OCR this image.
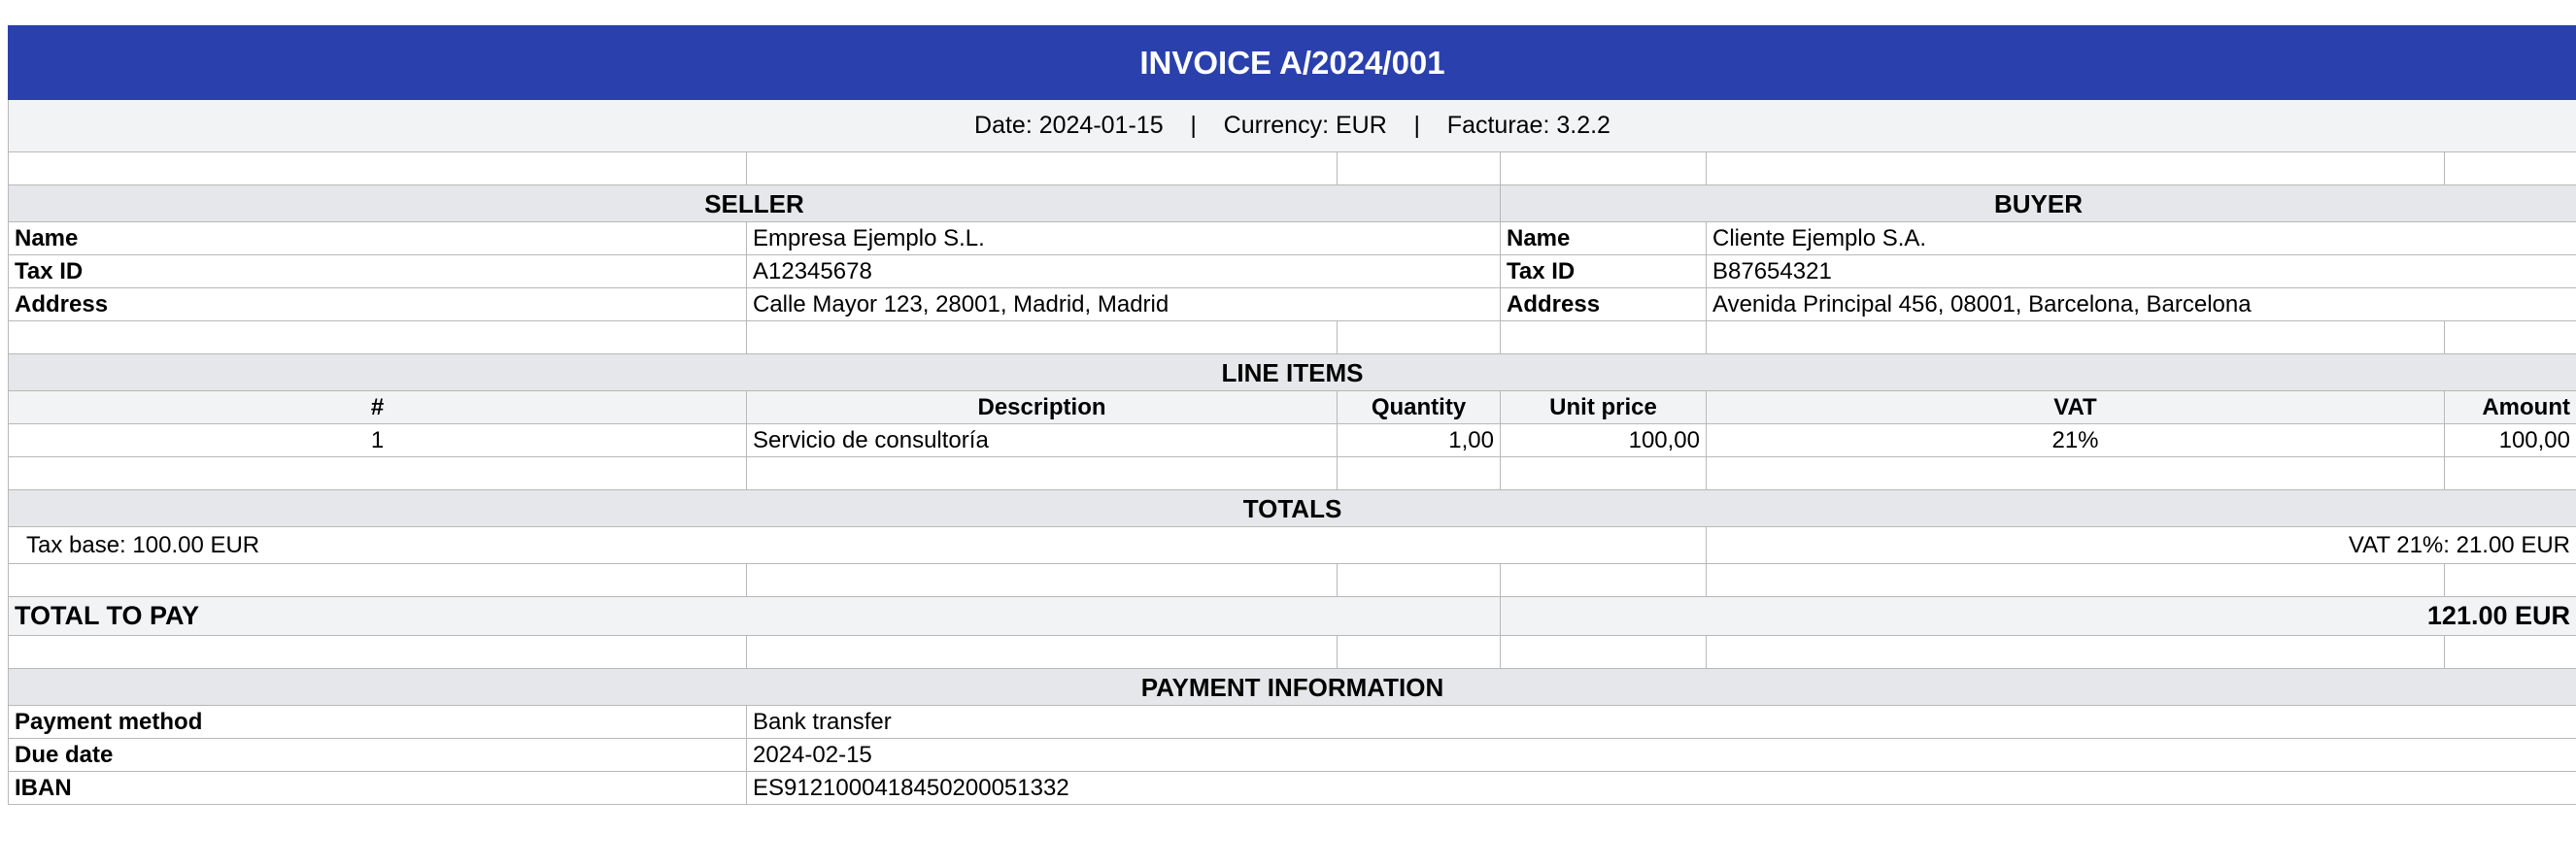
INVOICE A/2024/001					
Date: 2024-01-15    |    Currency: EUR    |    Facturae: 3.2.2					

SELLER			BUYER		
Name	Empresa Ejemplo S.L.		Name	Cliente Ejemplo S.A.	
Tax ID	A12345678		Tax ID	B87654321	
Address	Calle Mayor 123, 28001, Madrid, Madrid		Address	Avenida Principal 456, 08001, Barcelona, Barcelona	

LINE ITEMS					
#	Description	Quantity	Unit price	VAT	Amount
1	Servicio de consultoría	1,00	100,00	21%	100,00

TOTALS					
Tax base: 100.00 EUR				VAT 21%: 21.00 EUR	

TOTAL TO PAY			121.00 EUR		

PAYMENT INFORMATION					
Payment method	Bank transfer				
Due date	2024-02-15				
IBAN	ES9121000418450200051332				
